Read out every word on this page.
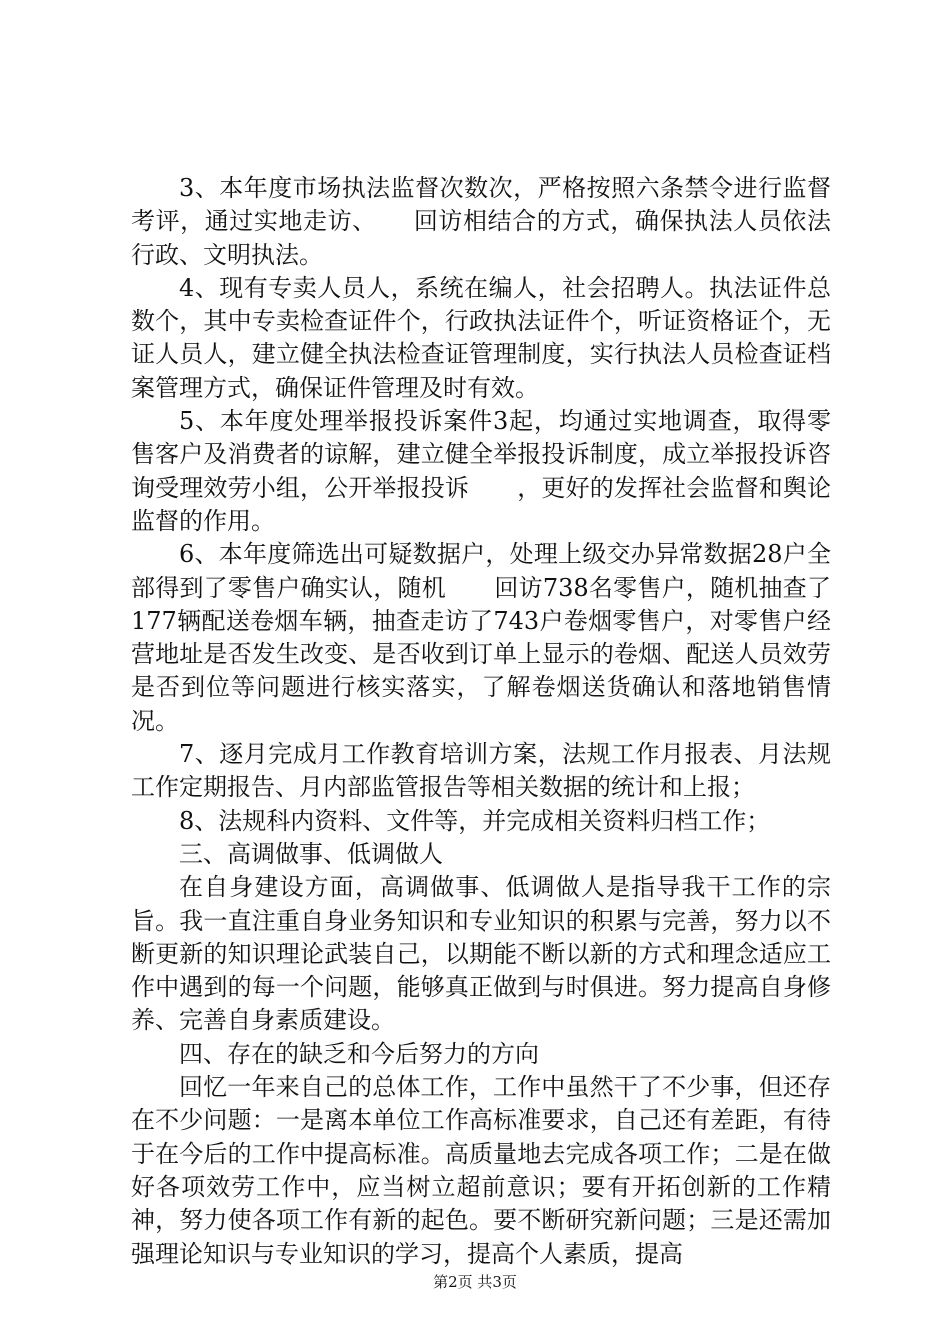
3、本年度市场执法监督次数次，严格按照六条禁令进行监督考评，通过实地走访、　　回访相结合的方式，确保执法人员依法行政、文明执法。

4、现有专卖人员人，系统在编人，社会招聘人。执法证件总数个，其中专卖检查证件个，行政执法证件个，听证资格证个，无证人员人，建立健全执法检查证管理制度，实行执法人员检查证档案管理方式，确保证件管理及时有效。

5、本年度处理举报投诉案件3起，均通过实地调查，取得零售客户及消费者的谅解，建立健全举报投诉制度，成立举报投诉咨询受理效劳小组，公开举报投诉　　，更好的发挥社会监督和舆论监督的作用。

6、本年度筛选出可疑数据户，处理上级交办异常数据28户全部得到了零售户确实认，随机　　回访738名零售户，随机抽查了177辆配送卷烟车辆，抽查走访了743户卷烟零售户，对零售户经营地址是否发生改变、是否收到订单上显示的卷烟、配送人员效劳是否到位等问题进行核实落实，了解卷烟送货确认和落地销售情况。

7、逐月完成月工作教育培训方案，法规工作月报表、月法规工作定期报告、月内部监管报告等相关数据的统计和上报；

8、法规科内资料、文件等，并完成相关资料归档工作；

三、高调做事、低调做人

在自身建设方面，高调做事、低调做人是指导我干工作的宗旨。我一直注重自身业务知识和专业知识的积累与完善，努力以不断更新的知识理论武装自己，以期能不断以新的方式和理念适应工作中遇到的每一个问题，能够真正做到与时俱进。努力提高自身修养、完善自身素质建设。

四、存在的缺乏和今后努力的方向

回忆一年来自己的总体工作，工作中虽然干了不少事，但还存在不少问题：一是离本单位工作高标准要求，自己还有差距，有待于在今后的工作中提高标准。高质量地去完成各项工作；二是在做好各项效劳工作中，应当树立超前意识；要有开拓创新的工作精神，努力使各项工作有新的起色。要不断研究新问题；三是还需加强理论知识与专业知识的学习，提高个人素质，提高

第2页 共3页
